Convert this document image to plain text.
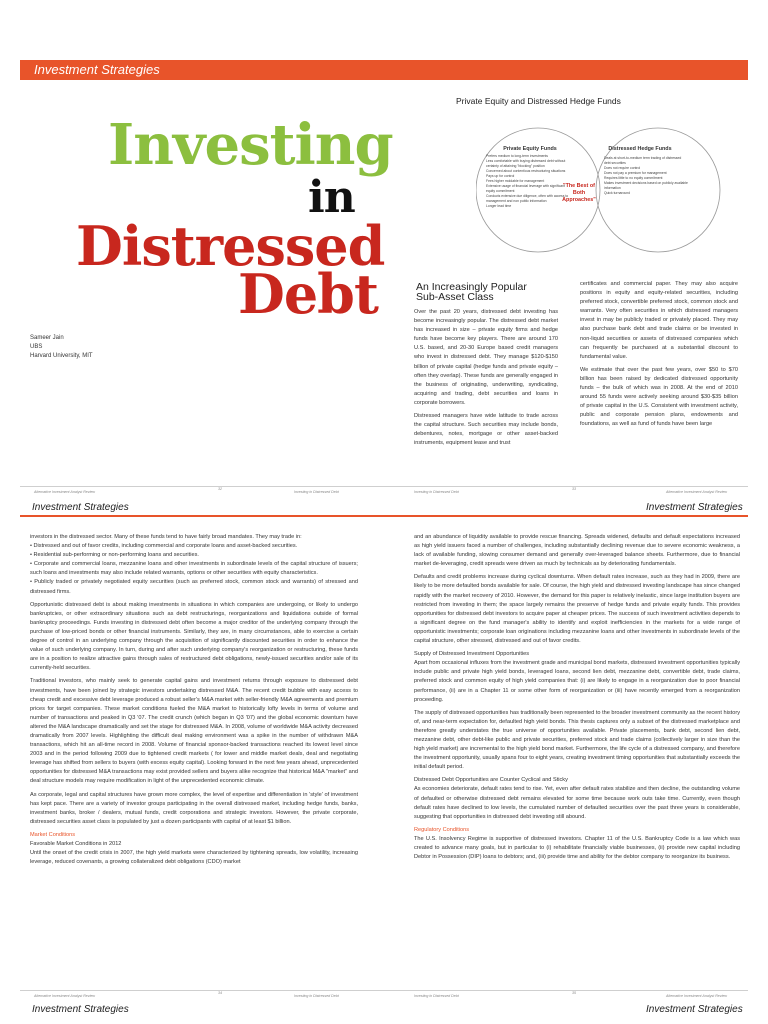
Investment Strategies
Private Equity and Distressed Hedge Funds
Investing
in
Distressed
Debt
Sameer Jain
UBS
Harvard University, MIT
Private Equity Funds
Prefers medium to long-term investments
Less comfortable with buying distressed debt without certainty of attaining "blocking" position
Concerned about contentious restructuring situations
Pays up for control
Fees higher moldable for management
Extensive usage of financial leverage with significant equity commitment
Conducts extensive due diligence, often with access to management and non public information
Longer lead time
"The Best of Both Approaches"
Distressed Hedge Funds
Deals at short-to-medium term trading of distressed debt securities
Does not require control
Does not pay a premium for management
Requires little to no equity commitment
Makes investment decisions based on publicly available information
Quick turnaround
An Increasingly Popular
Sub-Asset Class

Over the past 20 years, distressed debt investing has become increasingly popular. The distressed debt market has increased in size – private equity firms and hedge funds have become key players. There are around 170 U.S. based, and 20-30 Europe based credit managers who invest in distressed debt. They manage $120-$150 billion of private capital (hedge funds and private equity – often they overlap). These funds are generally engaged in the business of originating, underwriting, syndicating, acquiring and trading, debt securities and loans in corporate borrowers.

Distressed managers have wide latitude to trade across the capital structure. Such securities may include bonds, debentures, notes, mortgage or other asset-backed instruments, equipment lease and trust

certificates and commercial paper. They may also acquire positions in equity and equity-related securities, including preferred stock, convertible preferred stock, common stock and warrants. Very often securities in which distressed managers invest in may be publicly traded or privately placed. They may also purchase bank debt and trade claims or be invested in non-liquid securities or assets of distressed companies which can frequently be purchased at a substantial discount to fundamental value.

We estimate that over the past few years, over $50 to $70 billion has been raised by dedicated distressed opportunity funds – the bulk of which was in 2008. At the end of 2010 around 55 funds were actively seeking around $30-$35 billion of private capital in the U.S. Consistent with investment activity, public and corporate pension plans, endowments and foundations, as well as fund of funds have been large

Alternative Investment Analyst Review
32
Investing in Distressed Debt	Investing in Distressed Debt
33
Alternative Investment Analyst Review
Investment Strategies	Investment Strategies

investors in the distressed sector. Many of these funds tend to have fairly broad mandates. They may trade in:

• Distressed and out of favor credits, including commercial and corporate loans and asset-backed securities.

• Residential sub-performing or non-performing loans and securities.

• Corporate and commercial loans, mezzanine loans and other investments in subordinate levels of the capital structure of issuers; such loans and investments may also include related warrants, options or other securities with equity characteristics.

• Publicly traded or privately negotiated equity securities (such as preferred stock, common stock and warrants) of stressed and distressed firms.

Opportunistic distressed debt is about making investments in situations in which companies are undergoing, or likely to undergo bankruptcies, or other extraordinary situations such as debt restructurings, reorganizations and liquidations outside of formal bankruptcy proceedings. Funds investing in distressed debt often become a major creditor of the underlying company through the purchase of low-priced bonds or other financial instruments. Similarly, they are, in many circumstances, able to exercise a certain degree of control in an underlying company through the acquisition of significantly discounted securities in order to enhance the value of such underlying company. In turn, during and after such underlying company's reorganization or restructuring, these funds are in a position to realize attractive gains through sales of restructured debt obligations, newly-issued securities and/or sale of its currently-held securities.

Traditional investors, who mainly seek to generate capital gains and investment returns through exposure to distressed debt investments, have been joined by strategic investors undertaking distressed M&A. The recent credit bubble with easy access to cheap credit and excessive debt leverage produced a robust seller's M&A market with seller-friendly M&A agreements and premium prices for target companies. These market conditions fueled the M&A market to historically lofty levels in terms of volume and number of transactions and peaked in Q3 '07. The credit crunch (which began in Q3 '07) and the global economic downturn have altered the M&A landscape dramatically and set the stage for distressed M&A. In 2008, volume of worldwide M&A activity decreased dramatically from 2007 levels. Highlighting the difficult deal making environment was a spike in the number of withdrawn M&A transactions, which hit an all-time record in 2008. Volume of financial sponsor-backed transactions reached its lowest level since 2003 and in the period following 2009 due to tightened credit markets ( for lower and middle market deals, deal and negotiating leverage has shifted from sellers to buyers (with excess equity capital). Looking forward in the next few years ahead, unprecedented opportunities for distressed M&A transactions may exist provided sellers and buyers alike recognize that historical M&A "market" and deal structure models may require modification in light of the unprecedented economic climate.

As corporate, legal and capital structures have grown more complex, the level of expertise and differentiation in 'style' of investment has kept pace. There are a variety of investor groups participating in the overall distressed market, including hedge funds, banks, investment banks, broker / dealers, mutual funds, credit corporations and strategic investors. However, the private corporate, distressed securities asset class is populated by just a dozen participants with capital of at least $1 billion.

Market Conditions

Favorable Market Conditions in 2012

Until the onset of the credit crisis in 2007, the high yield markets were characterized by tightening spreads, low volatility, increasing leverage, reduced covenants, a growing collateralized debt obligations (CDO) market

and an abundance of liquidity available to provide rescue financing. Spreads widened, defaults and default expectations increased as high yield issuers faced a number of challenges, including substantially declining revenue due to severe economic weakness, a lack of available funding, slowing consumer demand and generally over-leveraged balance sheets. Furthermore, due to financial market de-leveraging, credit spreads were driven as much by technicals as by deteriorating fundamentals.

Defaults and credit problems increase during cyclical downturns. When default rates increase, such as they had in 2009, there are likely to be more defaulted bonds available for sale. Of course, the high yield and distressed investing landscape has since changed rapidly with the market recovery of 2010. However, the demand for this paper is relatively inelastic, since large institution buyers are restricted from investing in them; the space largely remains the preserve of hedge funds and private equity funds. This provides opportunities for distressed debt investors to acquire paper at cheaper prices. The success of such investment activities depends to a significant degree on the fund manager's ability to identify and exploit inefficiencies in the markets for a wide range of opportunistic investments; corporate loan originations including mezzanine loans and other investments in subordinate levels of the capital structure, other stressed, distressed and out of favor credits.

Supply of Distressed Investment Opportunities

Apart from occasional influxes from the investment grade and municipal bond markets, distressed investment opportunities typically include public and private high yield bonds, leveraged loans, second lien debt, mezzanine debt, convertible debt, trade claims, preferred stock and common equity of high yield companies that: (i) are likely to engage in a reorganization due to poor financial performance, (ii) are in a Chapter 11 or some other form of reorganization or (iii) have recently emerged from a reorganization proceeding.

The supply of distressed opportunities has traditionally been represented to the broader investment community as the recent history of, and near-term expectation for, defaulted high yield bonds. This thesis captures only a subset of the distressed marketplace and therefore greatly understates the true universe of opportunities available. Private placements, bank debt, second lien debt, mezzanine debt, other debt-like public and private securities, preferred stock and trade claims (collectively larger in size than the high yield market) are incremental to the high yield bond market. Furthermore, the life cycle of a distressed company, and therefore the investment opportunity, usually spans four to eight years, creating investment timing opportunities that substantially exceeds the initial default period.

Distressed Debt Opportunities are Counter Cyclical and Sticky

As economies deteriorate, default rates tend to rise. Yet, even after default rates stabilize and then decline, the outstanding volume of defaulted or otherwise distressed debt remains elevated for some time because work outs take time. Currently, even though default rates have declined to low levels, the cumulated number of defaulted securities over the past three years is considerable, suggesting that opportunities in distressed debt investing still abound.

Regulatory Conditions

The U.S. Insolvency Regime is supportive of distressed investors. Chapter 11 of the U.S. Bankruptcy Code is a law which was created to advance many goals, but in particular to (i) rehabilitate financially viable businesses, (ii) provide new capital including Debtor in Possession (DIP) loans to debtors; and, (iii) provide time and ability for the debtor company to reorganize its business.

Alternative Investment Analyst Review
34
Investing in Distressed Debt	Investing in Distressed Debt
35
Alternative Investment Analyst Review
Investment Strategies	Investment Strategies
